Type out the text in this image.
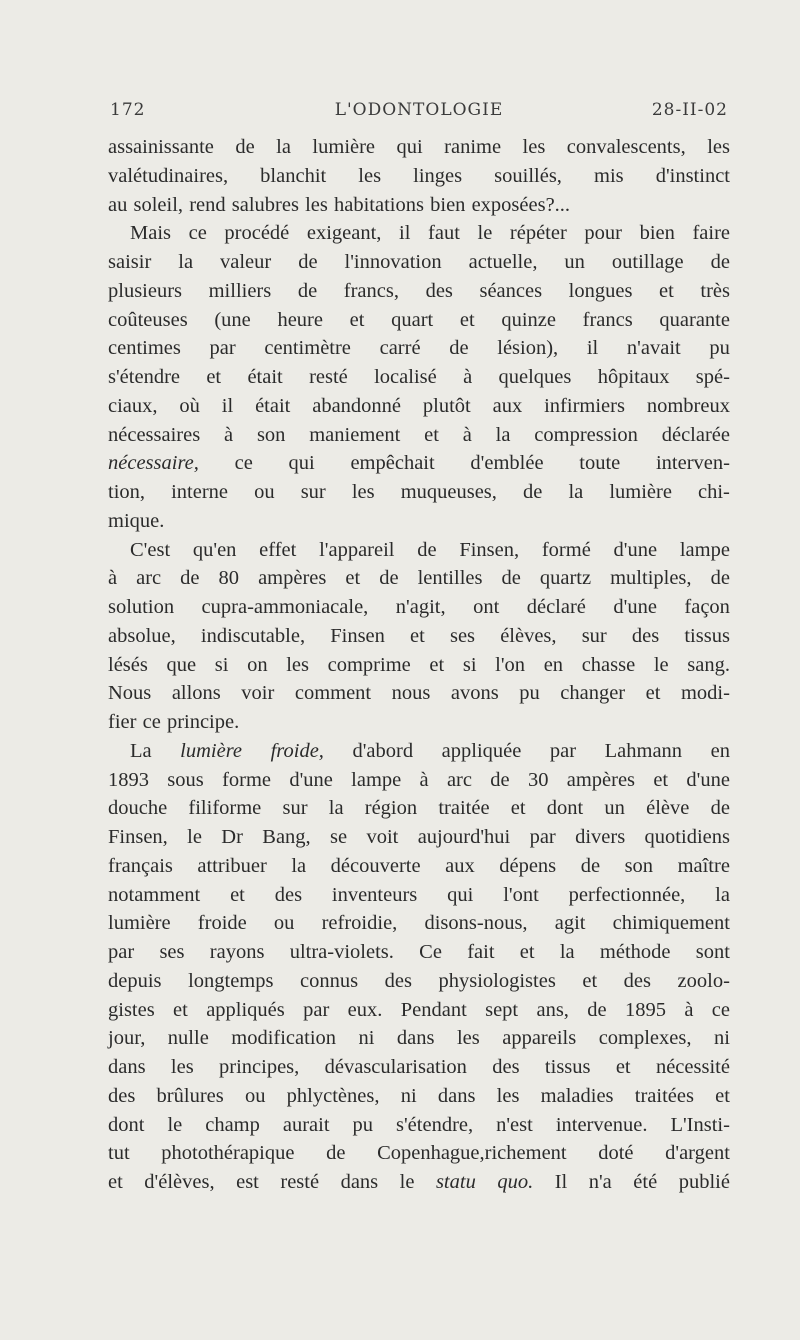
172	L'ODONTOLOGIE	28-II-02
assainissante de la lumière qui ranime les convalescents, les
valétudinaires, blanchit les linges souillés, mis d'instinct
au soleil, rend salubres les habitations bien exposées?...
Mais ce procédé exigeant, il faut le répéter pour bien faire
saisir la valeur de l'innovation actuelle, un outillage de
plusieurs milliers de francs, des séances longues et très
coûteuses (une heure et quart et quinze francs quarante
centimes par centimètre carré de lésion), il n'avait pu
s'étendre et était resté localisé à quelques hôpitaux spé-
ciaux, où il était abandonné plutôt aux infirmiers nombreux
nécessaires à son maniement et à la compression déclarée
nécessaire, ce qui empêchait d'emblée toute interven-
tion, interne ou sur les muqueuses, de la lumière chi-
mique.
C'est qu'en effet l'appareil de Finsen, formé d'une lampe
à arc de 80 ampères et de lentilles de quartz multiples, de
solution cupra-ammoniacale, n'agit, ont déclaré d'une façon
absolue, indiscutable, Finsen et ses élèves, sur des tissus
lésés que si on les comprime et si l'on en chasse le sang.
Nous allons voir comment nous avons pu changer et modi-
fier ce principe.
La lumière froide, d'abord appliquée par Lahmann en
1893 sous forme d'une lampe à arc de 30 ampères et d'une
douche filiforme sur la région traitée et dont un élève de
Finsen, le Dr Bang, se voit aujourd'hui par divers quotidiens
français attribuer la découverte aux dépens de son maître
notamment et des inventeurs qui l'ont perfectionnée, la
lumière froide ou refroidie, disons-nous, agit chimiquement
par ses rayons ultra-violets. Ce fait et la méthode sont
depuis longtemps connus des physiologistes et des zoolo-
gistes et appliqués par eux. Pendant sept ans, de 1895 à ce
jour, nulle modification ni dans les appareils complexes, ni
dans les principes, dévascularisation des tissus et nécessité
des brûlures ou phlyctènes, ni dans les maladies traitées et
dont le champ aurait pu s'étendre, n'est intervenue. L'Insti-
tut photothérapique de Copenhague,richement doté d'argent
et d'élèves, est resté dans le statu quo. Il n'a été publié
